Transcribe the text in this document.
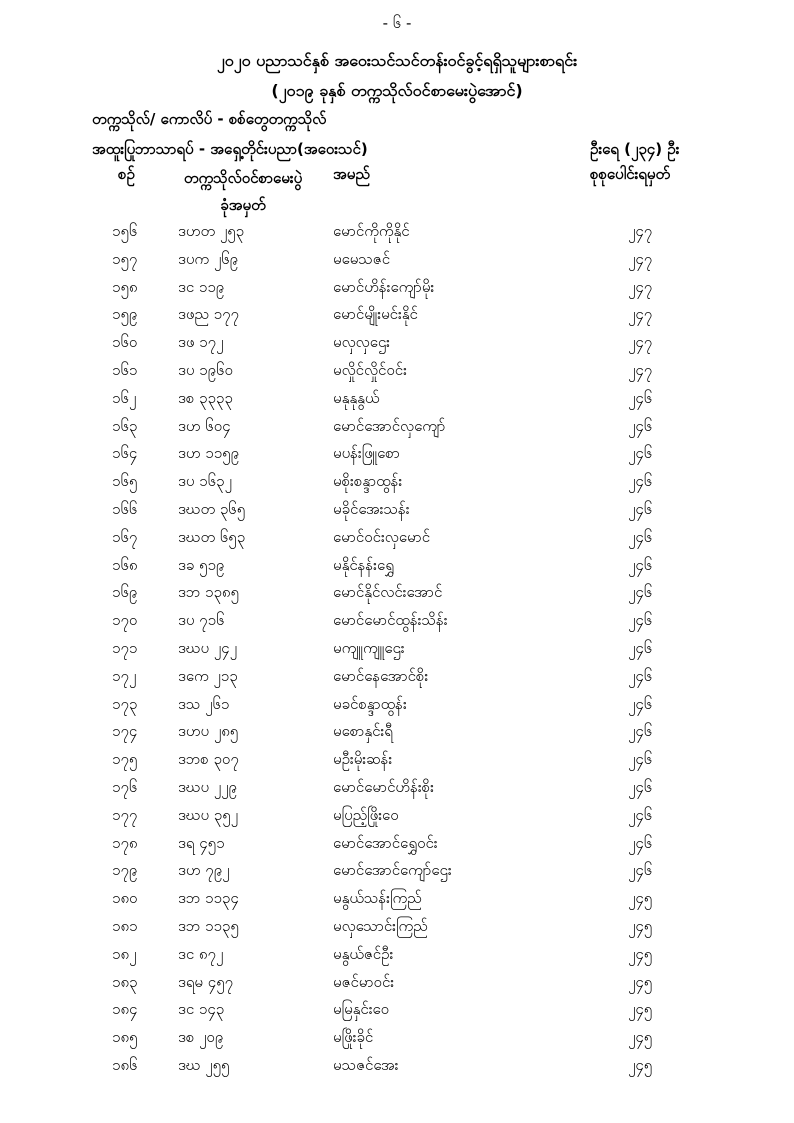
- ၆ -
၂၀၂၀ ပညာသင်နှစ် အဝေးသင်သင်တန်းဝင်ခွင့်ရရှိသူများစာရင်း
(၂၀၁၉ ခုနှစ် တက္ကသိုလ်ဝင်စာမေးပွဲအောင်)
တက္ကသိုလ်/ ကောလိပ် - စစ်တွေတက္ကသိုလ်
အထူးပြုဘာသာရပ် - အရှေ့တိုင်းပညာ(အဝေးသင်)	ဦးရေ (၂၃၄) ဦး
စဉ်	တက္ကသိုလ်ဝင်စာမေးပွဲ ခုံအမှတ်
အမည်	စုစုပေါင်းရမှတ်
၁၅၆	ဒဟတ ၂၅၃	မောင်ကိုကိုနိုင်	၂၄၇
၁၅၇	ဒပက ၂၆၉	မမေသဇင်	၂၄၇
၁၅၈	ဒင ၁၁၉	မောင်ဟိန်းကျော်မိုး	၂၄၇
၁၅၉	ဒဖည ၁၇၇	မောင်မျိုးမင်းနိုင်	၂၄၇
၁၆၀	ဒဖ ၁၇၂	မလှလှဌေး	၂၄၇
၁၆၁	ဒပ ၁၉၆၀	မလှိုင်လှိုင်ဝင်း	၂၄၇
၁၆၂	ဒစ ၃၃၃၃	မနုနုနွယ်	၂၄၆
၁၆၃	ဒဟ ၆၀၄	မောင်အောင်လှကျော်	၂၄၆
၁၆၄	ဒဟ ၁၁၅၉	မပန်းဖြူစော	၂၄၆
၁၆၅	ဒပ ၁၆၃၂	မစိုးစန္ဒာထွန်း	၂၄၆
၁၆၆	ဒဃတ ၃၆၅	မခိုင်အေးသန်း	၂၄၆
၁၆၇	ဒဃတ ၆၅၃	မောင်ဝင်းလှမောင်	၂၄၆
၁၆၈	ဒခ ၅၁၉	မနိုင်နန်းရွှေ	၂၄၆
၁၆၉	ဒဘ ၁၃၈၅	မောင်နိုင်လင်းအောင်	၂၄၆
၁၇၀	ဒပ ၇၁၆	မောင်မောင်ထွန်းသိန်း	၂၄၆
၁၇၁	ဒဃပ ၂၄၂	မကျူကျူဌေး	၂၄၆
၁၇၂	ဒကေ ၂၁၃	မောင်နေအောင်စိုး	၂၄၆
၁၇၃	ဒသ ၂၆၁	မခင်စန္ဒာထွန်း	၂၄၆
၁၇၄	ဒဟပ ၂၈၅	မစောနှင်းရီ	၂၄၆
၁၇၅	ဒဘစ ၃၀၇	မဦးမိုးဆန်း	၂၄၆
၁၇၆	ဒဃပ ၂၂၉	မောင်မောင်ဟိန်းစိုး	၂၄၆
၁၇၇	ဒဃပ ၃၅၂	မပြည့်ဖြိုးဝေ	၂၄၆
၁၇၈	ဒရ ၄၅၁	မောင်အောင်ရွှေဝင်း	၂၄၆
၁၇၉	ဒဟ ၇၉၂	မောင်အောင်ကျော်ဌေး	၂၄၆
၁၈၀	ဒဘ ၁၁၃၄	မနွယ်သန်းကြည်	၂၄၅
၁၈၁	ဒဘ ၁၁၃၅	မလှသောင်းကြည်	၂၄၅
၁၈၂	ဒင ၈၇၂	မနွယ်ဇင်ဦး	၂၄၅
၁၈၃	ဒရမ ၄၅၇	မဇင်မာဝင်း	၂၄၅
၁၈၄	ဒင ၁၄၃	မမြနှင်းဝေ	၂၄၅
၁၈၅	ဒစ ၂၀၉	မဖြိုးခိုင်	၂၄၅
၁၈၆	ဒဃ ၂၅၅	မသဇင်အေး	၂၄၅
